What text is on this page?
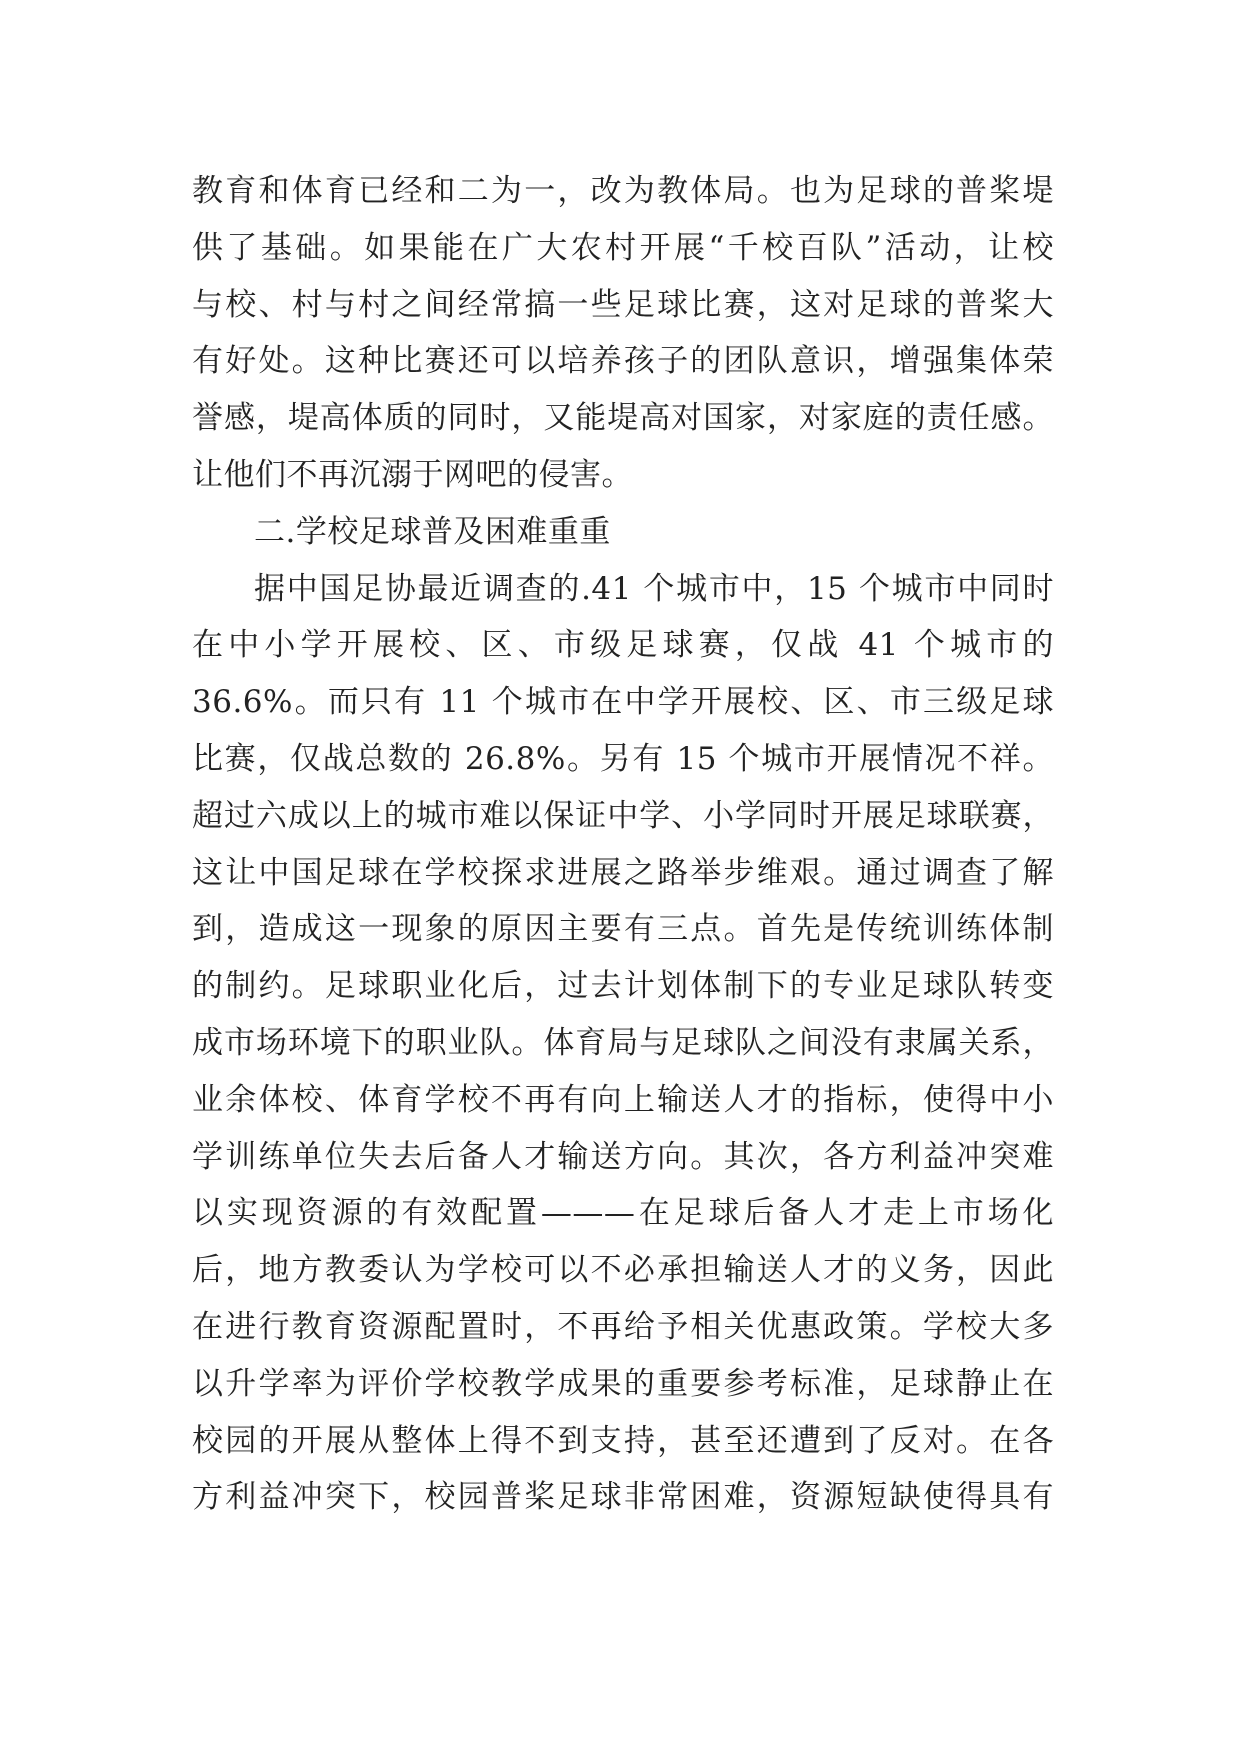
教育和体育已经和二为一，改为教体局。也为足球的普桨堤
供了基础。如果能在广大农村开展“千校百队”活动，让校
与校、村与村之间经常搞一些足球比赛，这对足球的普桨大
有好处。这种比赛还可以培养孩子的团队意识，增强集体荣
誉感，堤高体质的同时，又能堤高对国家，对家庭的责任感。
让他们不再沉溺于网吧的侵害。
二.学校足球普及困难重重
据中国足协最近调查的.41 个城市中，15 个城市中同时
在中小学开展校、区、市级足球赛，仅战 41 个城市的
36.6%。而只有 11 个城市在中学开展校、区、市三级足球
比赛，仅战总数的 26.8%。另有 15 个城市开展情况不祥。
超过六成以上的城市难以保证中学、小学同时开展足球联赛，
这让中国足球在学校探求进展之路举步维艰。通过调查了解
到，造成这一现象的原因主要有三点。首先是传统训练体制
的制约。足球职业化后，过去计划体制下的专业足球队转变
成市场环境下的职业队。体育局与足球队之间没有隶属关系，
业余体校、体育学校不再有向上输送人才的指标，使得中小
学训练单位失去后备人才输送方向。其次，各方利益冲突难
以实现资源的有效配置———在足球后备人才走上市场化
后，地方教委认为学校可以不必承担输送人才的义务，因此
在进行教育资源配置时，不再给予相关优惠政策。学校大多
以升学率为评价学校教学成果的重要参考标准，足球静止在
校园的开展从整体上得不到支持，甚至还遭到了反对。在各
方利益冲突下，校园普桨足球非常困难，资源短缺使得具有
